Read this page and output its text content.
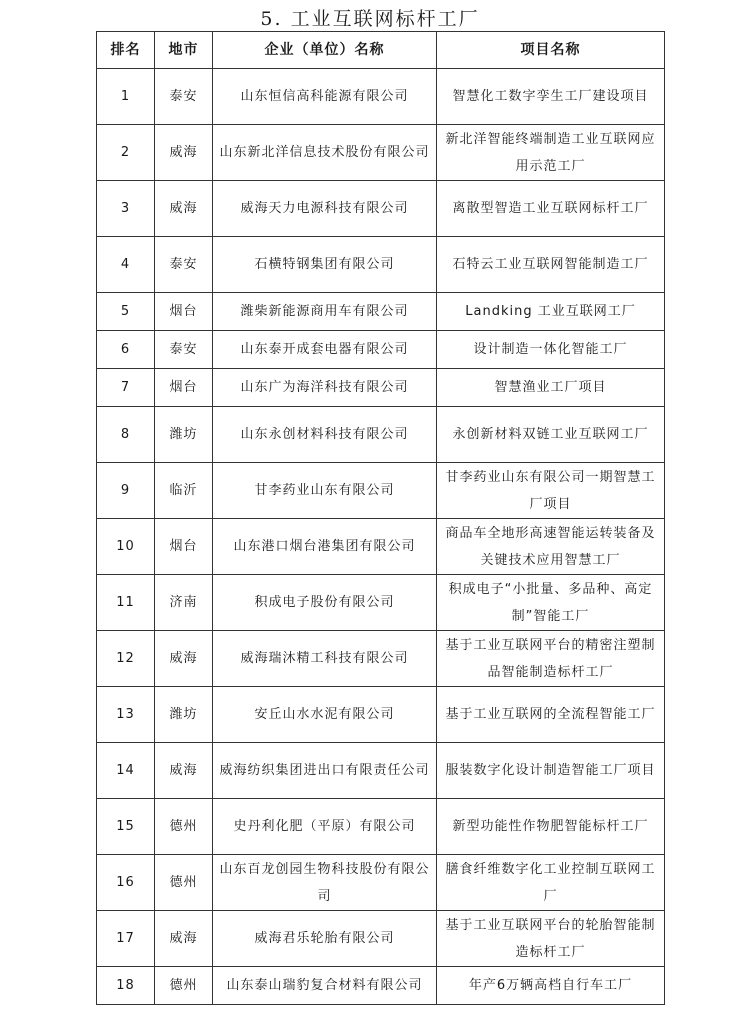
5. 工业互联网标杆工厂
排名	地市	企业（单位）名称	项目名称
1	泰安	山东恒信高科能源有限公司	智慧化工数字孪生工厂建设项目
2	威海	山东新北洋信息技术股份有限公司	新北洋智能终端制造工业互联网应用示范工厂
3	威海	威海天力电源科技有限公司	离散型智造工业互联网标杆工厂
4	泰安	石横特钢集团有限公司	石特云工业互联网智能制造工厂
5	烟台	潍柴新能源商用车有限公司	Landking 工业互联网工厂
6	泰安	山东泰开成套电器有限公司	设计制造一体化智能工厂
7	烟台	山东广为海洋科技有限公司	智慧渔业工厂项目
8	潍坊	山东永创材料科技有限公司	永创新材料双链工业互联网工厂
9	临沂	甘李药业山东有限公司	甘李药业山东有限公司一期智慧工厂项目
10	烟台	山东港口烟台港集团有限公司	商品车全地形高速智能运转装备及关键技术应用智慧工厂
11	济南	积成电子股份有限公司	积成电子“小批量、多品种、高定制”智能工厂
12	威海	威海瑞沐精工科技有限公司	基于工业互联网平台的精密注塑制品智能制造标杆工厂
13	潍坊	安丘山水水泥有限公司	基于工业互联网的全流程智能工厂
14	威海	威海纺织集团进出口有限责任公司	服装数字化设计制造智能工厂项目
15	德州	史丹利化肥（平原）有限公司	新型功能性作物肥智能标杆工厂
16	德州	山东百龙创园生物科技股份有限公司	膳食纤维数字化工业控制互联网工厂
17	威海	威海君乐轮胎有限公司	基于工业互联网平台的轮胎智能制造标杆工厂
18	德州	山东泰山瑞豹复合材料有限公司	年产6万辆高档自行车工厂
